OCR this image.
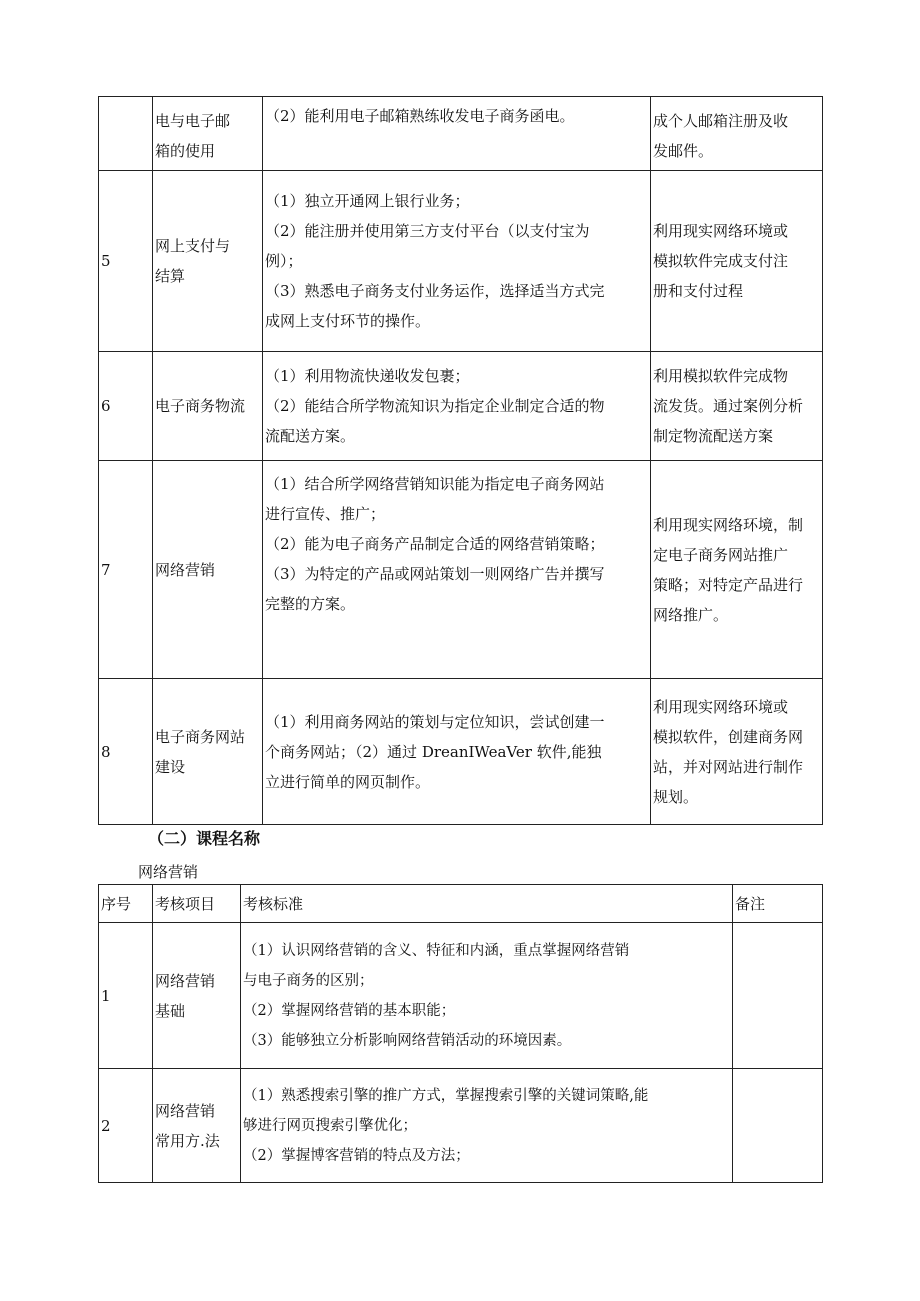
	电与电子邮
箱的使用	（2）能利用电子邮箱熟练收发电子商务函电。	成个人邮箱注册及收
发邮件。

5	网上支付与
结算	（1）独立开通网上银行业务；
（2）能注册并使用第三方支付平台（以支付宝为
例）；
（3）熟悉电子商务支付业务运作，选择适当方式完
成网上支付环节的操作。	利用现实网络环境或
模拟软件完成支付注
册和支付过程

6	电子商务物流	（1）利用物流快递收发包裹；
（2）能结合所学物流知识为指定企业制定合适的物
流配送方案。	利用模拟软件完成物
流发货。通过案例分析
制定物流配送方案

7	网络营销	（1）结合所学网络营销知识能为指定电子商务网站
进行宣传、推广；
（2）能为电子商务产品制定合适的网络营销策略；
（3）为特定的产品或网站策划一则网络广告并撰写
完整的方案。	利用现实网络环境，制
定电子商务网站推广
策略；对特定产品进行
网络推广。

8	电子商务网站
建设	（1）利用商务网站的策划与定位知识，尝试创建一
个商务网站；（2）通过 DreanIWeaVer 软件,能独
立进行简单的网页制作。	利用现实网络环境或
模拟软件，创建商务网
站，并对网站进行制作
规划。
（二）课程名称
网络营销
序号	考核项目	考核标准	备注
1	网络营销
基础	（1）认识网络营销的含义、特征和内涵，重点掌握网络营销
与电子商务的区别；
（2）掌握网络营销的基本职能；
（3）能够独立分析影响网络营销活动的环境因素。	

2	网络营销
常用方.法	（1）熟悉搜索引擎的推广方式，掌握搜索引擎的关键词策略,能
够进行网页搜索引擎优化；
（2）掌握博客营销的特点及方法；	
